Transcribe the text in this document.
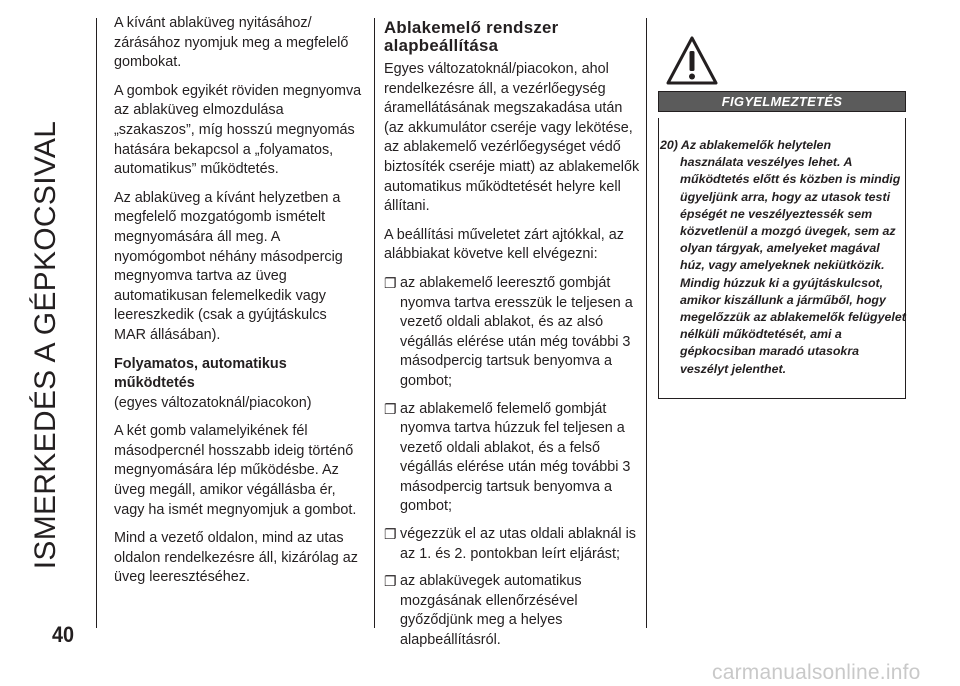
ISMERKEDÉS A GÉPKOCSIVAL
40

A kívánt ablaküveg nyitásához/ zárásához nyomjuk meg a megfelelő gombokat.

A gombok egyikét röviden megnyomva az ablaküveg elmozdulása „szakaszos”, míg hosszú megnyomás hatására bekapcsol a „folyamatos, automatikus” működtetés.

Az ablaküveg a kívánt helyzetben a megfelelő mozgatógomb ismételt megnyomására áll meg. A nyomógombot néhány másodpercig megnyomva tartva az üveg automatikusan felemelkedik vagy leereszkedik (csak a gyújtáskulcs MAR állásában).

Folyamatos, automatikus működtetés

(egyes változatoknál/piacokon)

A két gomb valamelyikének fél másodpercnél hosszabb ideig történő megnyomására lép működésbe. Az üveg megáll, amikor végállásba ér, vagy ha ismét megnyomjuk a gombot.

Mind a vezető oldalon, mind az utas oldalon rendelkezésre áll, kizárólag az üveg leeresztéséhez.

Ablakemelő rendszer alapbeállítása

Egyes változatoknál/piacokon, ahol rendelkezésre áll, a vezérlőegység áramellátásának megszakadása után (az akkumulátor cseréje vagy lekötése, az ablakemelő vezérlőegységet védő biztosíték cseréje miatt) az ablakemelők automatikus működtetését helyre kell állítani.

A beállítási műveletet zárt ajtókkal, az alábbiakat követve kell elvégezni:

❐ az ablakemelő leeresztő gombját nyomva tartva eresszük le teljesen a vezető oldali ablakot, és az alsó végállás elérése után még további 3 másodpercig tartsuk benyomva a gombot;
❐ az ablakemelő felemelő gombját nyomva tartva húzzuk fel teljesen a vezető oldali ablakot, és a felső végállás elérése után még további 3 másodpercig tartsuk benyomva a gombot;
❐ végezzük el az utas oldali ablaknál is az 1. és 2. pontokban leírt eljárást;
❐ az ablaküvegek automatikus mozgásának ellenőrzésével győződjünk meg a helyes alapbeállításról.
FIGYELMEZTETÉS
20) Az ablakemelők helytelen
használata veszélyes lehet. A működtetés előtt és közben is mindig ügyeljünk arra, hogy az utasok testi épségét ne veszélyeztessék sem közvetlenül a mozgó üvegek, sem az olyan tárgyak, amelyeket magával húz, vagy amelyeknek nekiütközik. Mindig húzzuk ki a gyújtáskulcsot, amikor kiszállunk a járműből, hogy megelőzzük az ablakemelők felügyelet nélküli működtetését, ami a gépkocsiban maradó utasokra veszélyt jelenthet.
carmanualsonline.info
